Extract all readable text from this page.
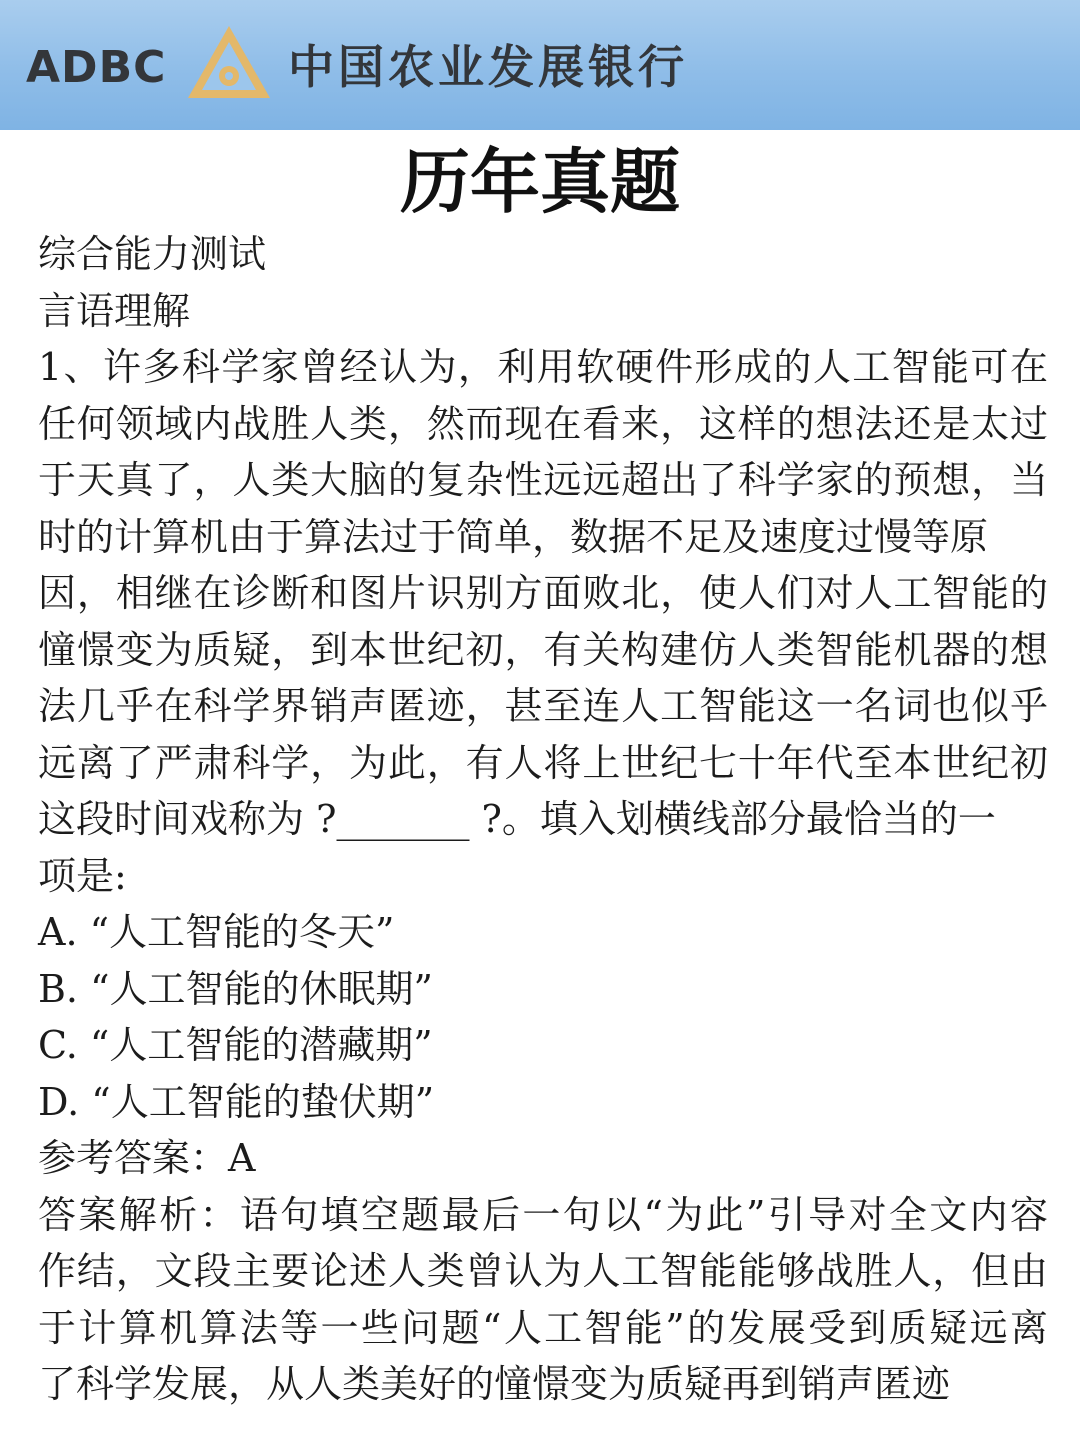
ADBC	中国农业发展银行
历年真题
综合能力测试
言语理解
1、许多科学家曾经认为，利用软硬件形成的人工智能可在
任何领域内战胜人类，然而现在看来，这样的想法还是太过
于天真了，人类大脑的复杂性远远超出了科学家的预想，当
时的计算机由于算法过于简单，数据不足及速度过慢等原
因，相继在诊断和图片识别方面败北，使人们对人工智能的
憧憬变为质疑，到本世纪初，有关构建仿人类智能机器的想
法几乎在科学界销声匿迹，甚至连人工智能这一名词也似乎
远离了严肃科学，为此，有人将上世纪七十年代至本世纪初
这段时间戏称为 ?_______ ?。填入划横线部分最恰当的一
项是:
A. “人工智能的冬天”
B. “人工智能的休眠期”
C. “人工智能的潜藏期”
D. “人工智能的蛰伏期”
参考答案：A
答案解析：语句填空题最后一句以“为此”引导对全文内容
作结，文段主要论述人类曾认为人工智能能够战胜人，但由
于计算机算法等一些问题“人工智能”的发展受到质疑远离
了科学发展，从人类美好的憧憬变为质疑再到销声匿迹
